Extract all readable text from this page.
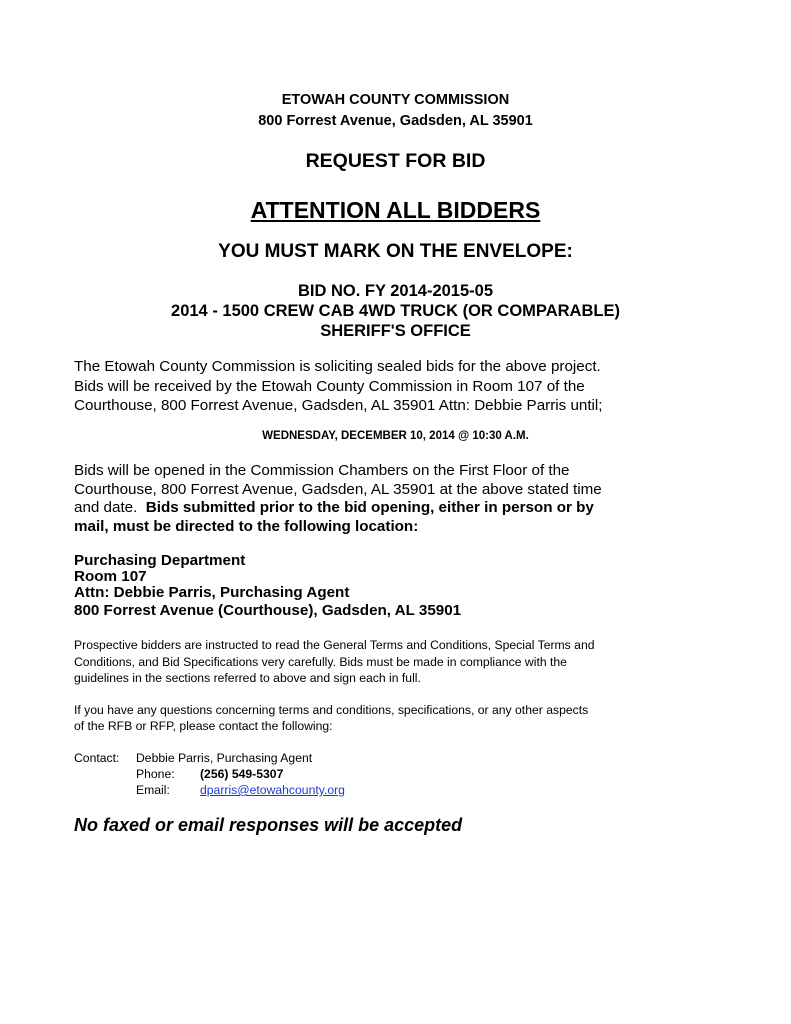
ETOWAH COUNTY COMMISSION
800 Forrest Avenue, Gadsden, AL 35901
REQUEST FOR BID
ATTENTION ALL BIDDERS
YOU MUST MARK ON THE ENVELOPE:
BID NO. FY 2014-2015-05
2014 - 1500 CREW CAB 4WD TRUCK (OR COMPARABLE)
SHERIFF'S OFFICE
The Etowah County Commission is soliciting sealed bids for the above project.
Bids will be received by the Etowah County Commission in Room 107 of the
Courthouse, 800 Forrest Avenue, Gadsden, AL 35901 Attn: Debbie Parris until;
WEDNESDAY, DECEMBER 10, 2014 @ 10:30 A.M.
Bids will be opened in the Commission Chambers on the First Floor of the
Courthouse, 800 Forrest Avenue, Gadsden, AL 35901 at the above stated time
and date.  Bids submitted prior to the bid opening, either in person or by
mail, must be directed to the following location:
Purchasing Department
Room 107
Attn: Debbie Parris, Purchasing Agent
800 Forrest Avenue (Courthouse), Gadsden, AL 35901
Prospective bidders are instructed to read the General Terms and Conditions, Special Terms and
Conditions, and Bid Specifications very carefully. Bids must be made in compliance with the
guidelines in the sections referred to above and sign each in full.
If you have any questions concerning terms and conditions, specifications, or any other aspects
of the RFB or RFP, please contact the following:
Contact: Debbie Parris, Purchasing Agent
Phone: (256) 549-5307
Email: dparris@etowahcounty.org
No faxed or email responses will be accepted
